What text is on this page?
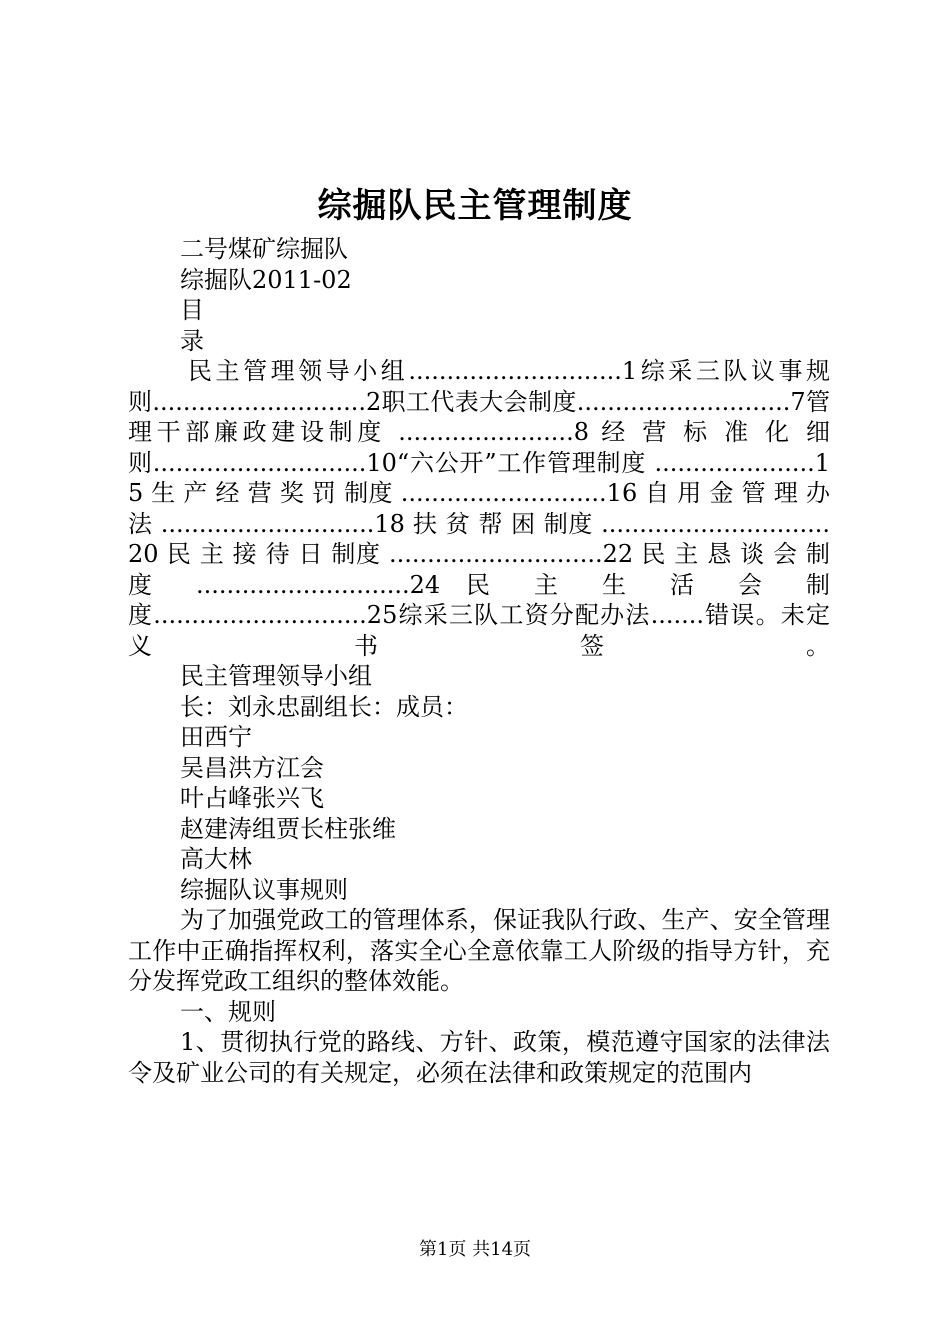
综掘队民主管理制度

二号煤矿综掘队

综掘队2011-02

目

录

民主管理领导小组............................1综采三队议事规则............................2职工代表大会制度............................7管理干部廉政建设制度 .......................8 经 营 标 准 化 细则............................10“六公开”工作管理制度 .....................15 生 产 经 营 奖 罚 制度 ...........................16 自 用 金 管 理 办法 ............................18 扶 贫 帮 困 制度 ..............................20 民 主 接 待 日 制度 ............................22 民 主 恳 谈 会 制度 ............................24 民 主 生 活 会 制度............................25综采三队工资分配办法.......错误。未定义书签。

民主管理领导小组

长：刘永忠副组长：成员：

田西宁

吴昌洪方江会

叶占峰张兴飞

赵建涛组贾长柱张维

高大林

综掘队议事规则

为了加强党政工的管理体系，保证我队行政、生产、安全管理工作中正确指挥权利，落实全心全意依靠工人阶级的指导方针，充分发挥党政工组织的整体效能。

一、规则

1、贯彻执行党的路线、方针、政策，模范遵守国家的法律法令及矿业公司的有关规定，必须在法律和政策规定的范围内

第1页 共14页
